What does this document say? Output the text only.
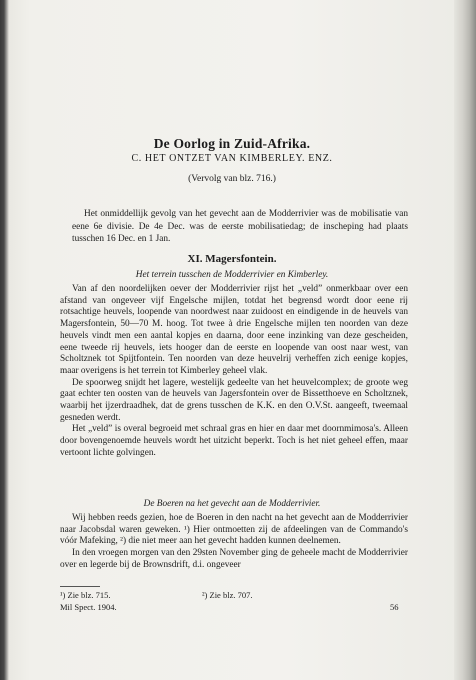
De Oorlog in Zuid-Afrika.
C. HET ONTZET VAN KIMBERLEY. ENZ.
(Vervolg van blz. 716.)

Het onmiddellijk gevolg van het gevecht aan de Modderrivier was de mobilisatie van eene 6e divisie. De 4e Dec. was de eerste mobilisatiedag; de inscheping had plaats tusschen 16 Dec. en 1 Jan.

XI. Magersfontein.
Het terrein tusschen de Modderrivier en Kimberley.

Van af den noordelijken oever der Modderrivier rijst het „veld” onmerkbaar over een afstand van ongeveer vijf Engelsche mijlen, totdat het begrensd wordt door eene rij rotsachtige heuvels, loopende van noordwest naar zuidoost en eindigende in de heuvels van Magersfontein, 50—70 M. hoog. Tot twee à drie Engelsche mijlen ten noorden van deze heuvels vindt men een aantal kopjes en daarna, door eene inzinking van deze gescheiden, eene tweede rij heuvels, iets hooger dan de eerste en loopende van oost naar west, van Scholtznek tot Spijtfontein. Ten noorden van deze heuvelrij verheffen zich eenige kopjes, maar overigens is het terrein tot Kimberley geheel vlak.

De spoorweg snijdt het lagere, westelijk gedeelte van het heuvelcomplex; de groote weg gaat echter ten oosten van de heuvels van Jagersfontein over de Bissetthoeve en Scholtznek, waarbij het ijzerdraadhek, dat de grens tusschen de K.K. en den O.V.St. aangeeft, tweemaal gesneden werdt.

Het „veld” is overal begroeid met schraal gras en hier en daar met doornmimosa's. Alleen door bovengenoemde heuvels wordt het uitzicht beperkt. Toch is het niet geheel effen, maar vertoont lichte golvingen.

De Boeren na het gevecht aan de Modderrivier.

Wij hebben reeds gezien, hoe de Boeren in den nacht na het gevecht aan de Modderrivier naar Jacobsdal waren geweken. ¹) Hier ontmoetten zij de afdeelingen van de Commando's vóór Mafeking, ²) die niet meer aan het gevecht hadden kunnen deelnemen.

In den vroegen morgen van den 29sten November ging de geheele macht de Modderrivier over en legerde bij de Brownsdrift, d.i. ongeveer

¹) Zie blz. 715.	²) Zie blz. 707.
Mil Spect. 1904.	56
